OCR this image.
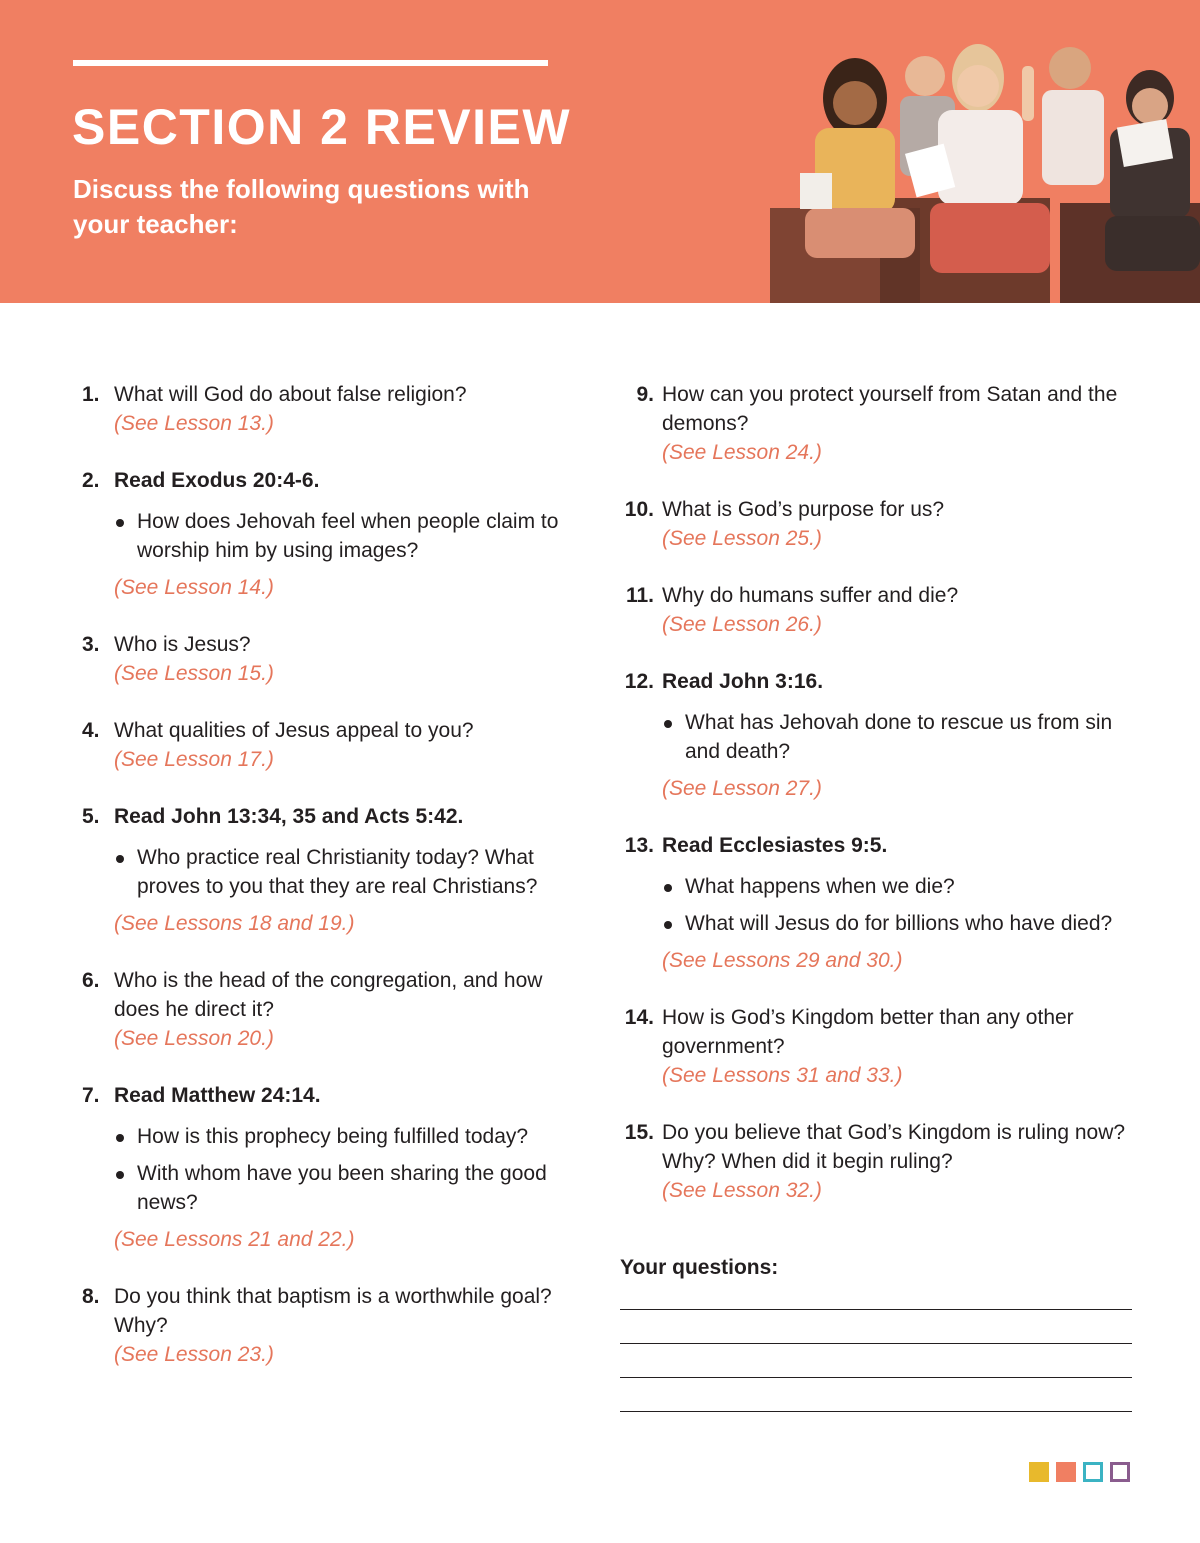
SECTION 2 REVIEW

Discuss the following questions with your teacher:

1. What will God do about false religion?
(See Lesson 13.)
2. Read Exodus 20:4-6.
How does Jehovah feel when people claim to worship him by using images?
(See Lesson 14.)
3. Who is Jesus?
(See Lesson 15.)
4. What qualities of Jesus appeal to you?
(See Lesson 17.)
5. Read John 13:34, 35 and Acts 5:42.
Who practice real Christianity today? What proves to you that they are real Christians?
(See Lessons 18 and 19.)
6. Who is the head of the congregation, and how does he direct it?
(See Lesson 20.)
7. Read Matthew 24:14.
How is this prophecy being fulfilled today?
With whom have you been sharing the good news?
(See Lessons 21 and 22.)
8. Do you think that baptism is a worthwhile goal? Why?
(See Lesson 23.)
9. How can you protect yourself from Satan and the demons?
(See Lesson 24.)
10. What is God’s purpose for us?
(See Lesson 25.)
11. Why do humans suffer and die?
(See Lesson 26.)
12. Read John 3:16.
What has Jehovah done to rescue us from sin and death?
(See Lesson 27.)
13. Read Ecclesiastes 9:5.
What happens when we die?
What will Jesus do for billions who have died?
(See Lessons 29 and 30.)
14. How is God’s Kingdom better than any other government?
(See Lessons 31 and 33.)
15. Do you believe that God’s Kingdom is ruling now? Why? When did it begin ruling?
(See Lesson 32.)
Your questions:
